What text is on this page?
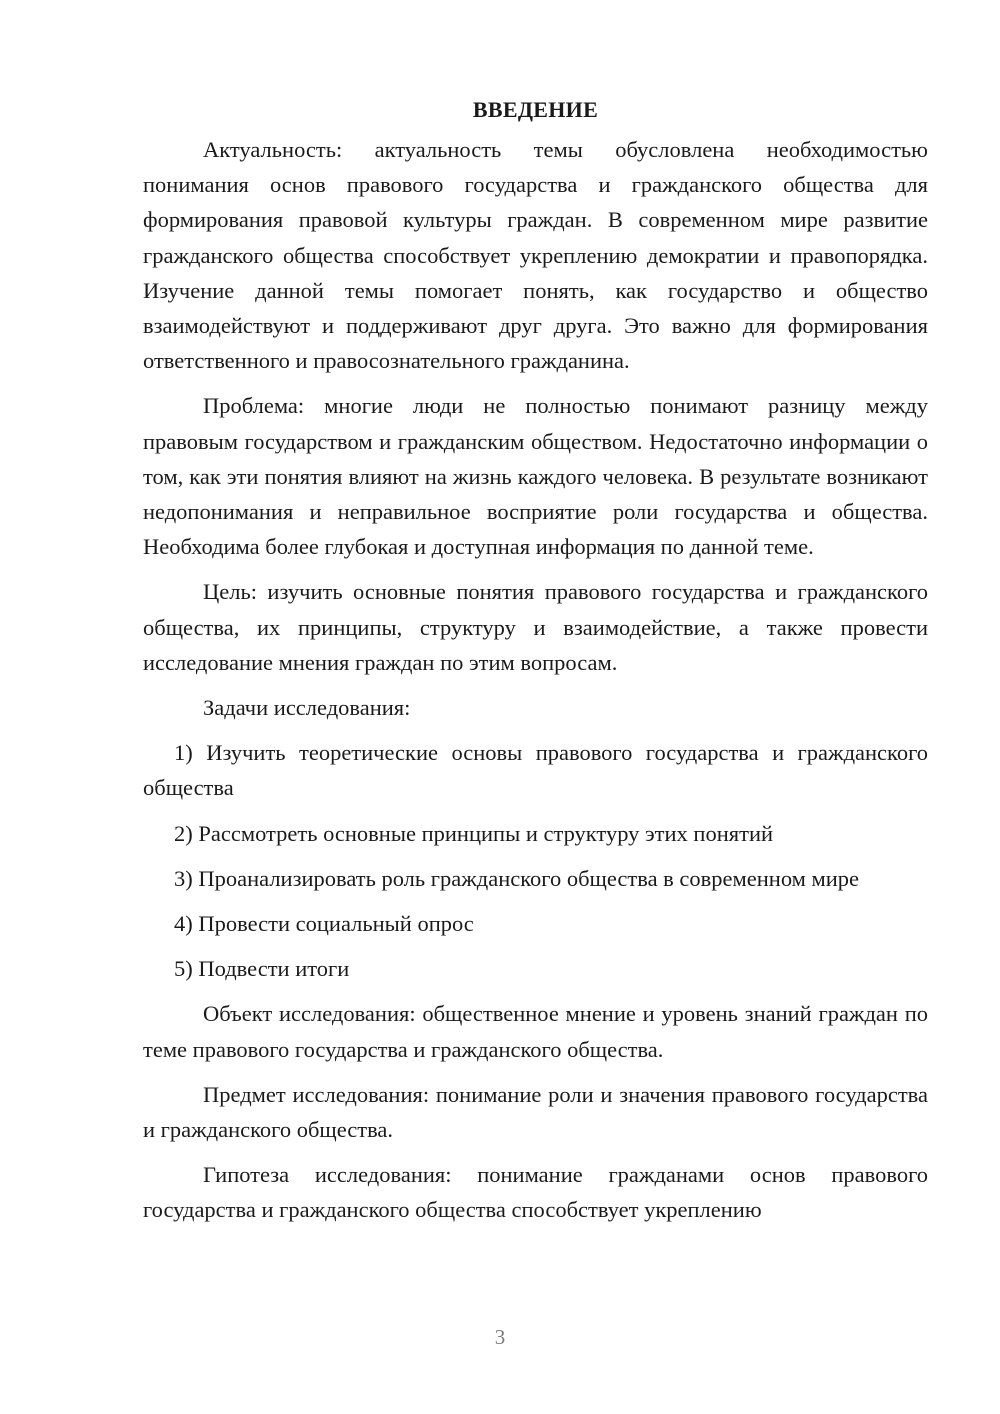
ВВЕДЕНИЕ

Актуальность: актуальность темы обусловлена необходимостью понимания основ правового государства и гражданского общества для формирования правовой культуры граждан. В современном мире развитие гражданского общества способствует укреплению демократии и правопорядка. Изучение данной темы помогает понять, как государство и общество взаимодействуют и поддерживают друг друга. Это важно для формирования ответственного и правосознательного гражданина.

Проблема: многие люди не полностью понимают разницу между правовым государством и гражданским обществом. Недостаточно информации о том, как эти понятия влияют на жизнь каждого человека. В результате возникают недопонимания и неправильное восприятие роли государства и общества. Необходима более глубокая и доступная информация по данной теме.

Цель: изучить основные понятия правового государства и гражданского общества, их принципы, структуру и взаимодействие, а также провести исследование мнения граждан по этим вопросам.

Задачи исследования:

1) Изучить теоретические основы правового государства и гражданского общества

2) Рассмотреть основные принципы и структуру этих понятий

3) Проанализировать роль гражданского общества в современном мире

4) Провести социальный опрос

5) Подвести итоги

Объект исследования: общественное мнение и уровень знаний граждан по теме правового государства и гражданского общества.

Предмет исследования: понимание роли и значения правового государства и гражданского общества.

Гипотеза исследования: понимание гражданами основ правового государства и гражданского общества способствует укреплению

3
